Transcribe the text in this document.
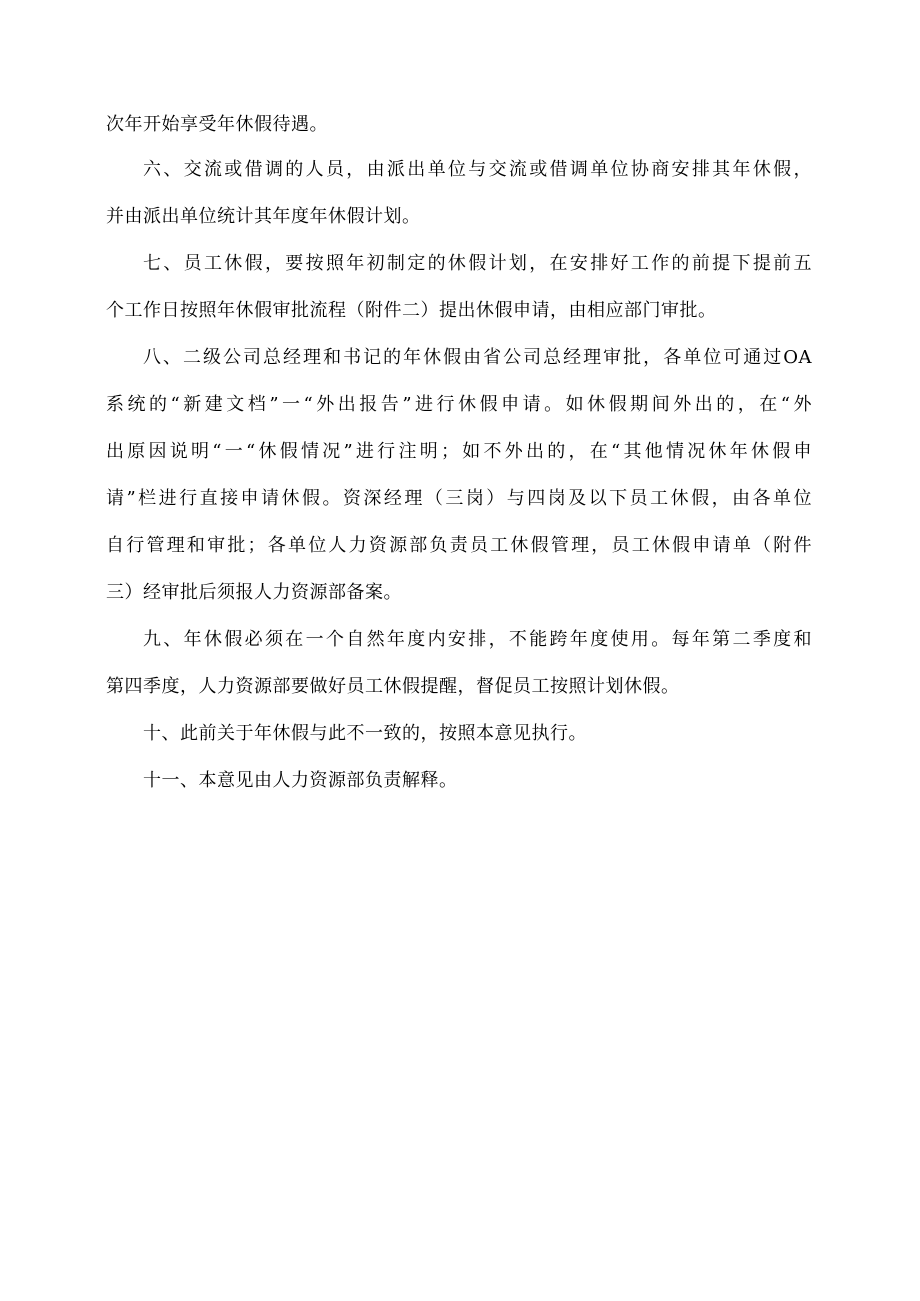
次年开始享受年休假待遇。
六、交流或借调的人员，由派出单位与交流或借调单位协商安排其年休假，
并由派出单位统计其年度年休假计划。
七、员工休假，要按照年初制定的休假计划，在安排好工作的前提下提前五
个工作日按照年休假审批流程（附件二）提出休假申请，由相应部门审批。
八、二级公司总经理和书记的年休假由省公司总经理审批，各单位可通过OA
系统的“新建文档”一“外出报告”进行休假申请。如休假期间外出的，在“外
出原因说明“一“休假情况”进行注明；如不外出的，在“其他情况休年休假申
请”栏进行直接申请休假。资深经理（三岗）与四岗及以下员工休假，由各单位
自行管理和审批；各单位人力资源部负责员工休假管理，员工休假申请单（附件
三）经审批后须报人力资源部备案。
九、年休假必须在一个自然年度内安排，不能跨年度使用。每年第二季度和
第四季度，人力资源部要做好员工休假提醒，督促员工按照计划休假。
十、此前关于年休假与此不一致的，按照本意见执行。
十一、本意见由人力资源部负责解释。
